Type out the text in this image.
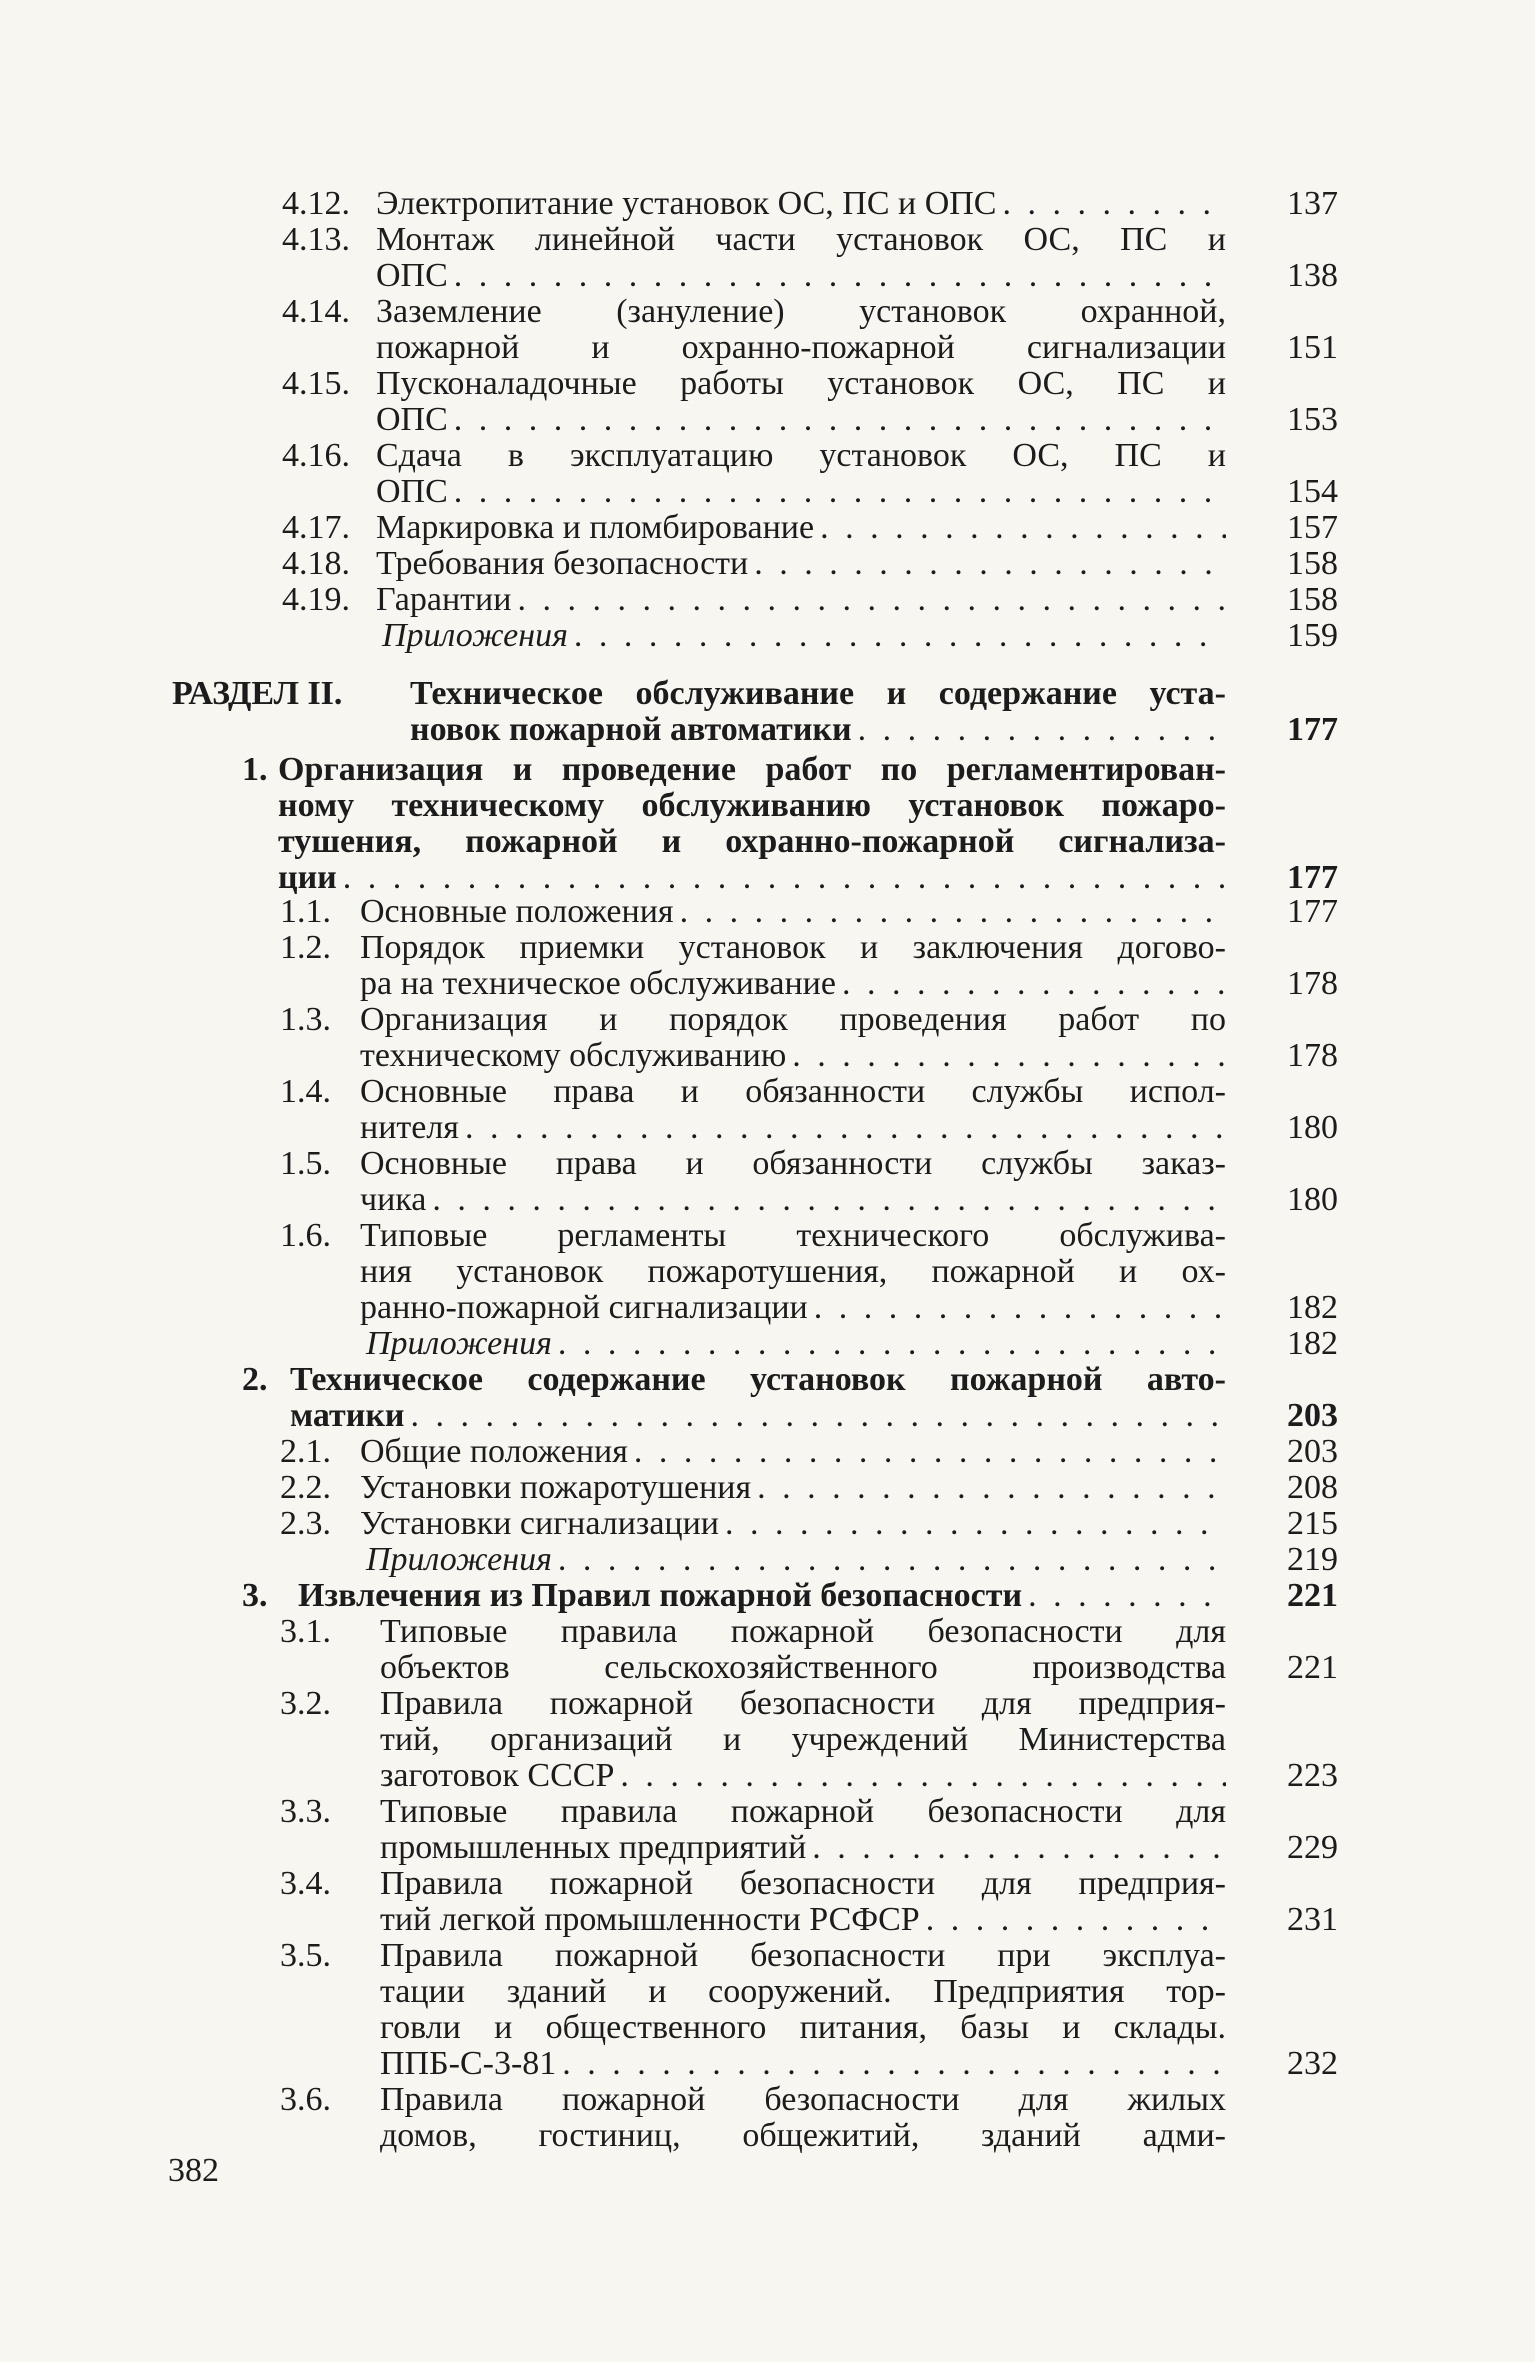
4.12. Электропитание установок ОС, ПС и ОПС . . .	137
4.13. Монтаж линейной части установок ОС, ПС и
ОПС . . .	138
4.14. Заземление (зануление) установок охранной,
пожарной и охранно-пожарной сигнализации 151
4.15. Пусконаладочные работы установок ОС, ПС и
ОПС . . .	153
4.16. Сдача в эксплуатацию установок ОС, ПС и
ОПС . . .	154
4.17. Маркировка и пломбирование . . .	157
4.18. Требования безопасности . . .	158
4.19. Гарантии . . .	158
Приложения . . .	159
РАЗДЕЛ II. Техническое обслуживание и содержание уста-
новок пожарной автоматики . . .	177
1. Организация и проведение работ по регламентирован-
ному техническому обслуживанию установок пожаро-
тушения, пожарной и охранно-пожарной сигнализа-
ции . . .	177
1.1. Основные положения . . .	177
1.2. Порядок приемки установок и заключения догово-
ра на техническое обслуживание . . .	178
1.3. Организация и порядок проведения работ по
техническому обслуживанию . . .	178
1.4. Основные права и обязанности службы испол-
нителя . . .	180
1.5. Основные права и обязанности службы заказ-
чика . . .	180
1.6. Типовые регламенты технического обслужива-
ния установок пожаротушения, пожарной и ох-
ранно-пожарной сигнализации . . .	182
Приложения . . .	182
2. Техническое содержание установок пожарной авто-
матики . . .	203
2.1. Общие положения . . .	203
2.2. Установки пожаротушения . . .	208
2.3. Установки сигнализации . . .	215
Приложения . . .	219
3. Извлечения из Правил пожарной безопасности . . .	221
3.1. Типовые правила пожарной безопасности для
объектов сельскохозяйственного производства 221
3.2. Правила пожарной безопасности для предприя-
тий, организаций и учреждений Министерства
заготовок СССР . . .	223
3.3. Типовые правила пожарной безопасности для
промышленных предприятий . . .	229
3.4. Правила пожарной безопасности для предприя-
тий легкой промышленности РСФСР . . .	231
3.5. Правила пожарной безопасности при эксплуа-
тации зданий и сооружений. Предприятия тор-
говли и общественного питания, базы и склады.
ППБ-С-3-81 . . .	232
3.6. Правила пожарной безопасности для жилых
домов, гостиниц, общежитий, зданий адми-
382
